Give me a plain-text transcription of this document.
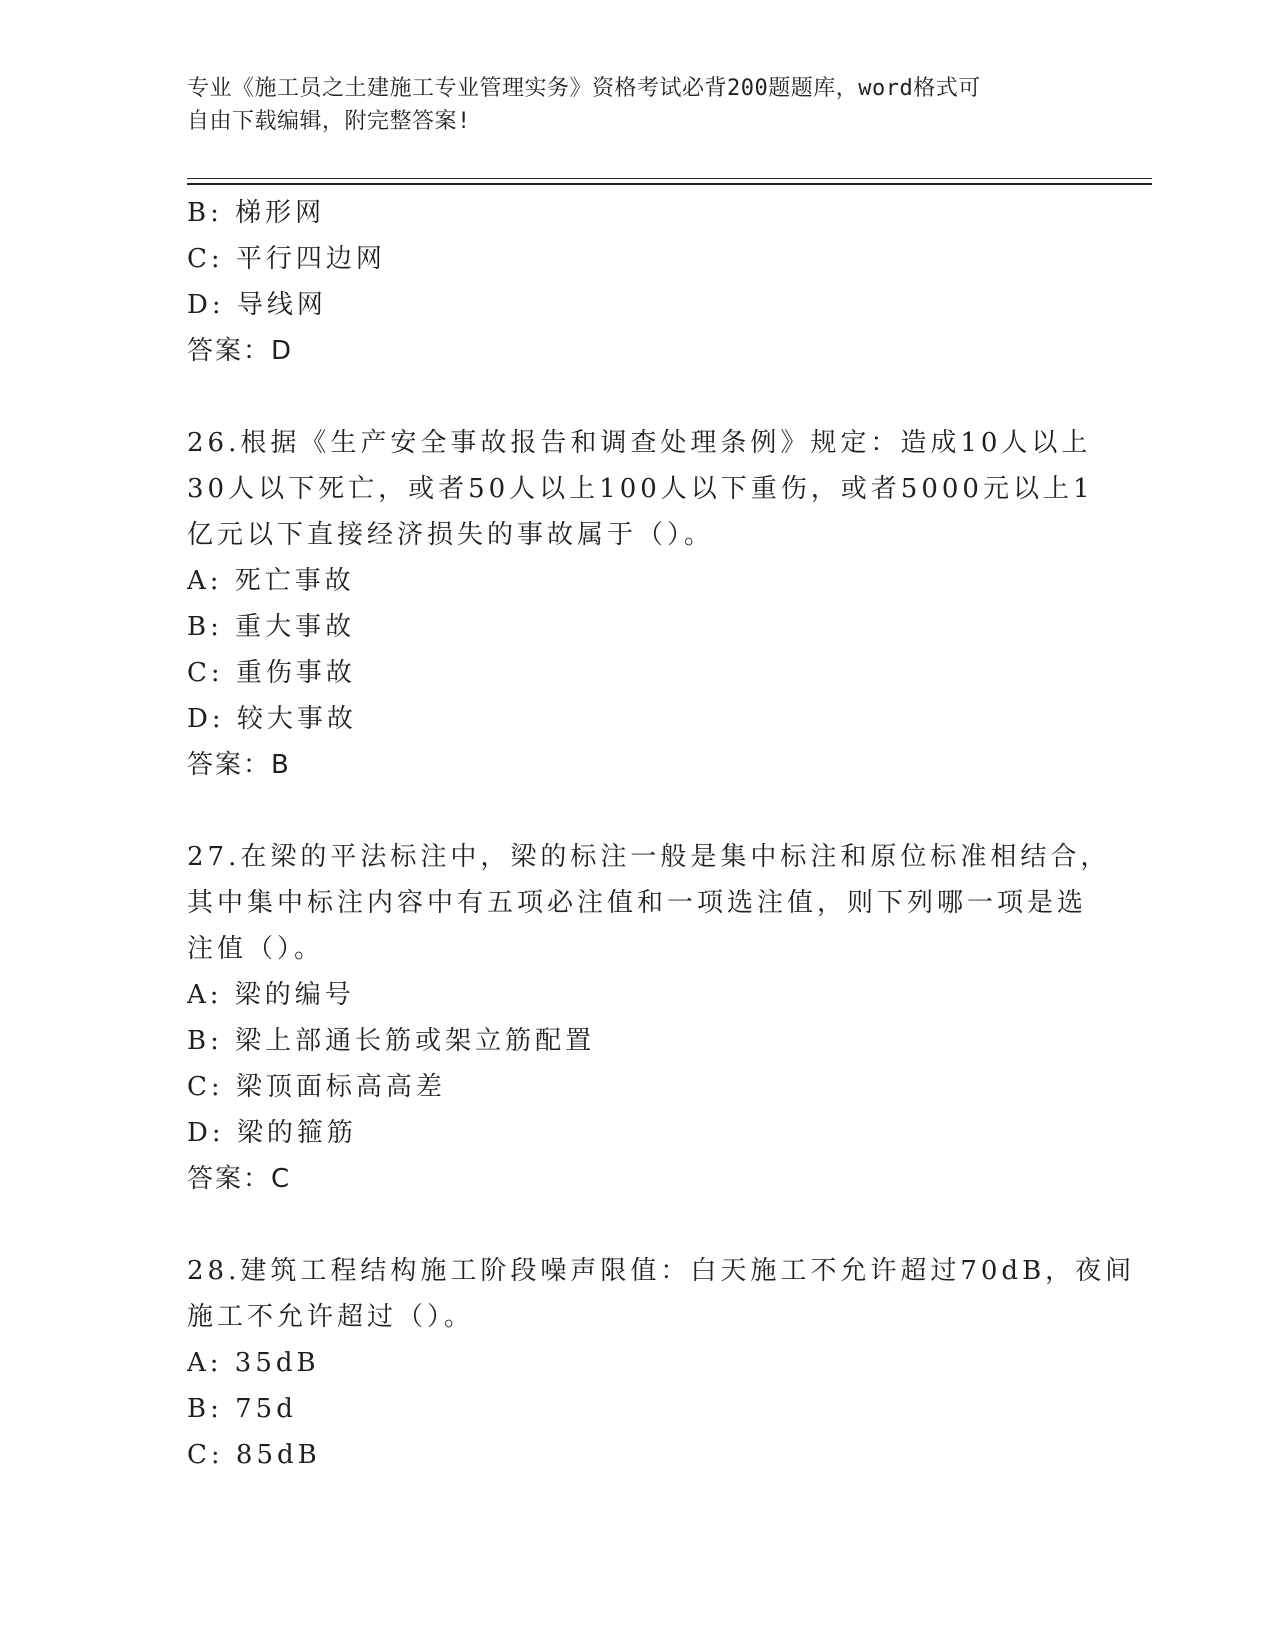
专业《施工员之土建施工专业管理实务》资格考试必背200题题库，word格式可
自由下载编辑，附完整答案!
B: 梯形网
C: 平行四边网
D: 导线网
答案：D
26.根据《生产安全事故报告和调查处理条例》规定：造成10人以上
30人以下死亡，或者50人以上100人以下重伤，或者5000元以上1
亿元以下直接经济损失的事故属于（）。
A: 死亡事故
B: 重大事故
C: 重伤事故
D: 较大事故
答案：B
27.在梁的平法标注中，梁的标注一般是集中标注和原位标准相结合，
其中集中标注内容中有五项必注值和一项选注值，则下列哪一项是选
注值（）。
A: 梁的编号
B: 梁上部通长筋或架立筋配置
C: 梁顶面标高高差
D: 梁的箍筋
答案：C
28.建筑工程结构施工阶段噪声限值：白天施工不允许超过70dB，夜间
施工不允许超过（）。
A: 35dB
B: 75d
C: 85dB
